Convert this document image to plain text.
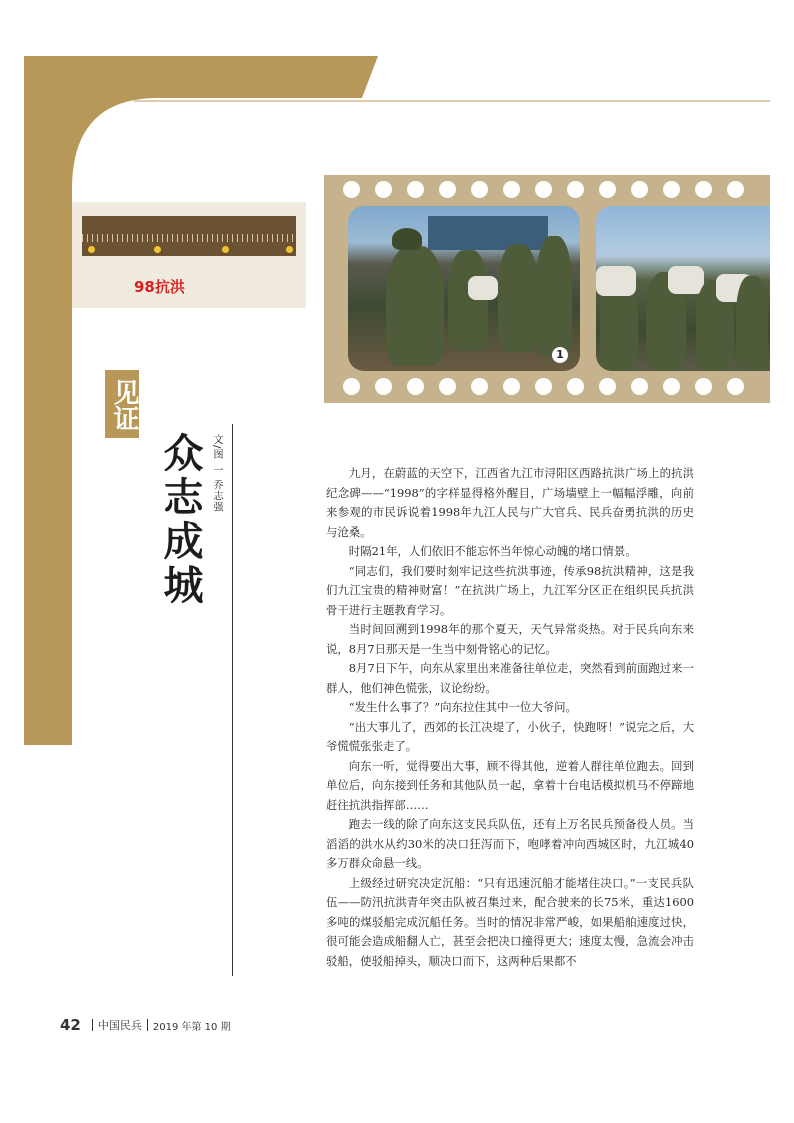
98抗洪
1
见证
众志成城 文/图 一 乔志强	九月，在蔚蓝的天空下，江西省九江市浔阳区西路抗洪广场上的抗洪纪念碑——“1998”的字样显得格外醒目，广场墙壁上一幅幅浮雕，向前来参观的市民诉说着1998年九江人民与广大官兵、民兵奋勇抗洪的历史与沧桑。

时隔21年，人们依旧不能忘怀当年惊心动魄的堵口情景。

“同志们，我们要时刻牢记这些抗洪事迹，传承98抗洪精神，这是我们九江宝贵的精神财富！”在抗洪广场上，九江军分区正在组织民兵抗洪骨干进行主题教育学习。

当时间回溯到1998年的那个夏天，天气异常炎热。对于民兵向东来说，8月7日那天是一生当中刻骨铭心的记忆。

8月7日下午，向东从家里出来准备往单位走，突然看到前面跑过来一群人，他们神色慌张，议论纷纷。

“发生什么事了？”向东拉住其中一位大爷问。

“出大事儿了，西郊的长江决堤了，小伙子，快跑呀！”说完之后，大爷慌慌张张走了。

向东一听，觉得要出大事，顾不得其他，逆着人群往单位跑去。回到单位后，向东接到任务和其他队员一起，拿着十台电话模拟机马不停蹄地赶往抗洪指挥部……

跑去一线的除了向东这支民兵队伍，还有上万名民兵预备役人员。当滔滔的洪水从约30米的决口狂泻而下，咆哮着冲向西城区时，九江城40多万群众命悬一线。

上级经过研究决定沉船：“只有迅速沉船才能堵住决口。”一支民兵队伍——防汛抗洪青年突击队被召集过来，配合驶来的长75米，重达1600多吨的煤驳船完成沉船任务。当时的情况非常严峻，如果船舶速度过快，很可能会造成船翻人亡，甚至会把决口撞得更大；速度太慢，急流会冲击驳船，使驳船掉头，顺决口而下，这两种后果都不

42 中国民兵 2019 年第 10 期
